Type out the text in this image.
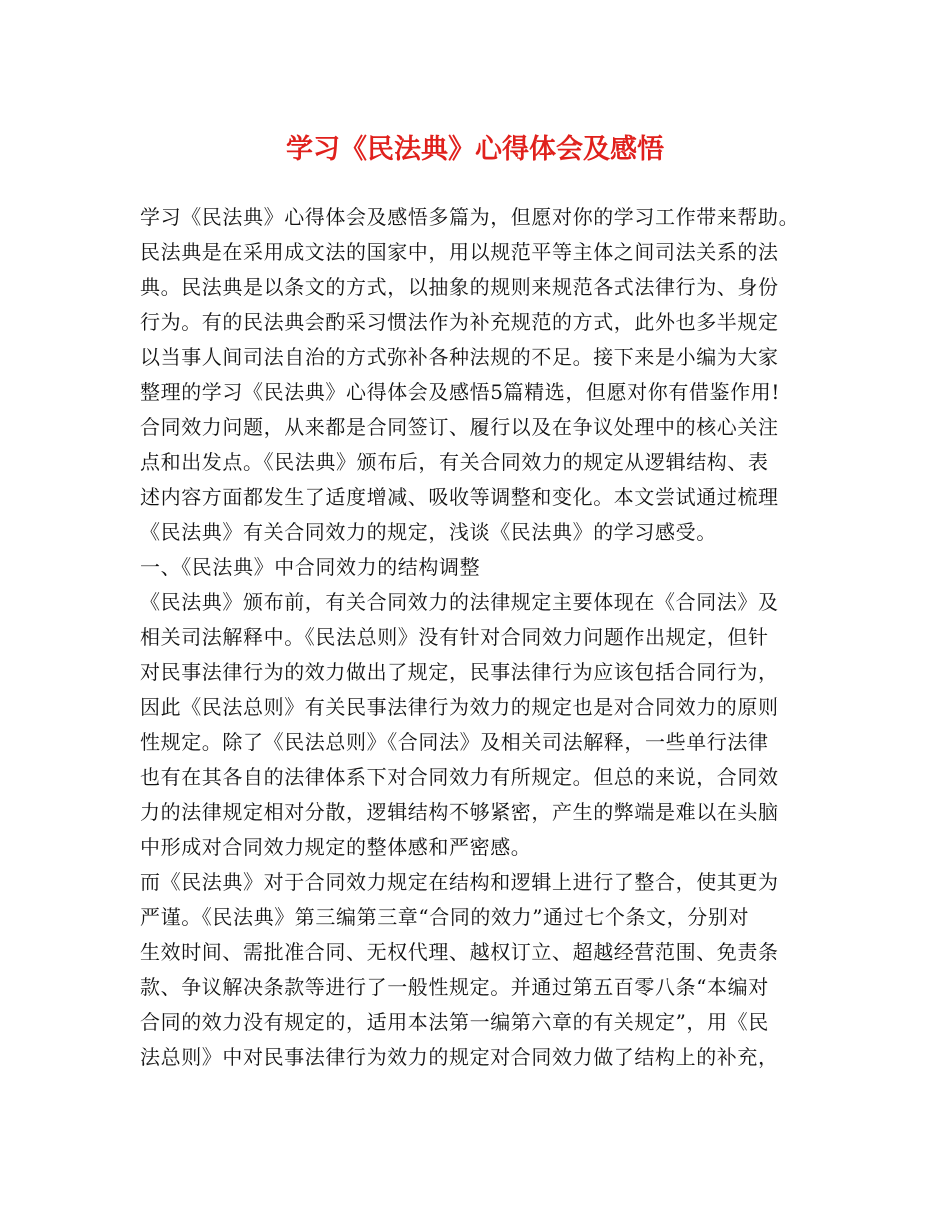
学习《民法典》心得体会及感悟
学习《民法典》心得体会及感悟多篇为，但愿对你的学习工作带来帮助。
民法典是在采用成文法的国家中，用以规范平等主体之间司法关系的法
典。民法典是以条文的方式，以抽象的规则来规范各式法律行为、身份
行为。有的民法典会酌采习惯法作为补充规范的方式，此外也多半规定
以当事人间司法自治的方式弥补各种法规的不足。接下来是小编为大家
整理的学习《民法典》心得体会及感悟5篇精选，但愿对你有借鉴作用!
合同效力问题，从来都是合同签订、履行以及在争议处理中的核心关注
点和出发点。《民法典》颁布后，有关合同效力的规定从逻辑结构、表
述内容方面都发生了适度增减、吸收等调整和变化。本文尝试通过梳理
《民法典》有关合同效力的规定，浅谈《民法典》的学习感受。
一、《民法典》中合同效力的结构调整
《民法典》颁布前，有关合同效力的法律规定主要体现在《合同法》及
相关司法解释中。《民法总则》没有针对合同效力问题作出规定，但针
对民事法律行为的效力做出了规定，民事法律行为应该包括合同行为，
因此《民法总则》有关民事法律行为效力的规定也是对合同效力的原则
性规定。除了《民法总则》《合同法》及相关司法解释，一些单行法律
也有在其各自的法律体系下对合同效力有所规定。但总的来说，合同效
力的法律规定相对分散，逻辑结构不够紧密，产生的弊端是难以在头脑
中形成对合同效力规定的整体感和严密感。
而《民法典》对于合同效力规定在结构和逻辑上进行了整合，使其更为
严谨。《民法典》第三编第三章“合同的效力”通过七个条文，分别对
生效时间、需批准合同、无权代理、越权订立、超越经营范围、免责条
款、争议解决条款等进行了一般性规定。并通过第五百零八条“本编对
合同的效力没有规定的，适用本法第一编第六章的有关规定”，用《民
法总则》中对民事法律行为效力的规定对合同效力做了结构上的补充，
